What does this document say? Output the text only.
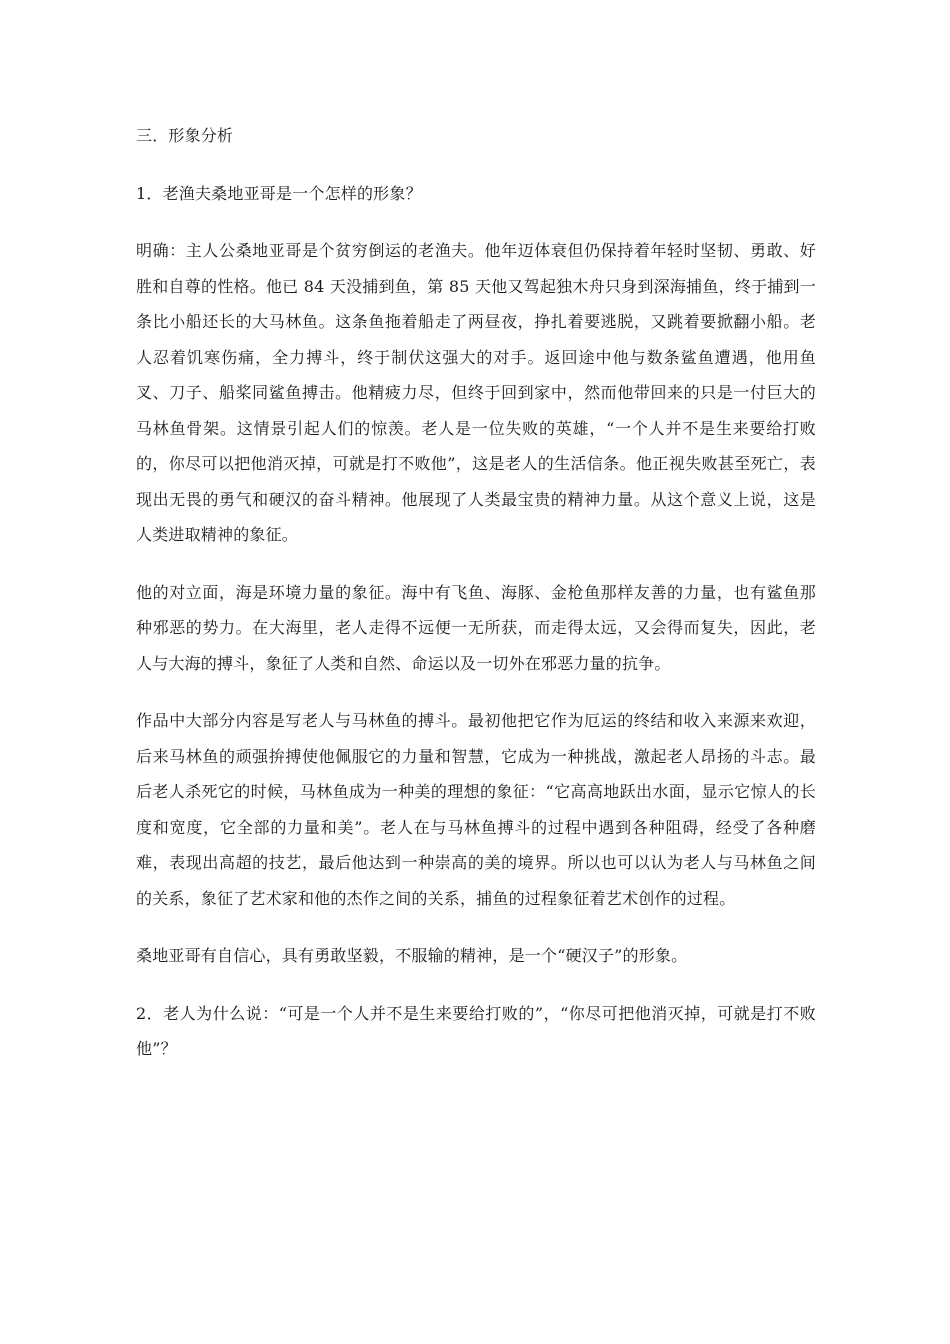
三．形象分析

1．老渔夫桑地亚哥是一个怎样的形象？

明确：主人公桑地亚哥是个贫穷倒运的老渔夫。他年迈体衰但仍保持着年轻时坚韧、勇敢、好胜和自尊的性格。他已 84 天没捕到鱼，第 85 天他又驾起独木舟只身到深海捕鱼，终于捕到一条比小船还长的大马林鱼。这条鱼拖着船走了两昼夜，挣扎着要逃脱，又跳着要掀翻小船。老人忍着饥寒伤痛，全力搏斗，终于制伏这强大的对手。返回途中他与数条鲨鱼遭遇，他用鱼叉、刀子、船桨同鲨鱼搏击。他精疲力尽，但终于回到家中，然而他带回来的只是一付巨大的马林鱼骨架。这情景引起人们的惊羡。老人是一位失败的英雄，“一个人并不是生来要给打败的，你尽可以把他消灭掉，可就是打不败他”，这是老人的生活信条。他正视失败甚至死亡，表现出无畏的勇气和硬汉的奋斗精神。他展现了人类最宝贵的精神力量。从这个意义上说，这是人类进取精神的象征。

他的对立面，海是环境力量的象征。海中有飞鱼、海豚、金枪鱼那样友善的力量，也有鲨鱼那种邪恶的势力。在大海里，老人走得不远便一无所获，而走得太远，又会得而复失，因此，老人与大海的搏斗，象征了人类和自然、命运以及一切外在邪恶力量的抗争。

作品中大部分内容是写老人与马林鱼的搏斗。最初他把它作为厄运的终结和收入来源来欢迎，后来马林鱼的顽强拚搏使他佩服它的力量和智慧，它成为一种挑战，激起老人昂扬的斗志。最后老人杀死它的时候，马林鱼成为一种美的理想的象征：“它高高地跃出水面，显示它惊人的长度和宽度，它全部的力量和美”。老人在与马林鱼搏斗的过程中遇到各种阻碍，经受了各种磨难，表现出高超的技艺，最后他达到一种崇高的美的境界。所以也可以认为老人与马林鱼之间的关系，象征了艺术家和他的杰作之间的关系，捕鱼的过程象征着艺术创作的过程。

桑地亚哥有自信心，具有勇敢坚毅，不服输的精神，是一个“硬汉子”的形象。

2．老人为什么说：“可是一个人并不是生来要给打败的”，“你尽可把他消灭掉，可就是打不败他”？
